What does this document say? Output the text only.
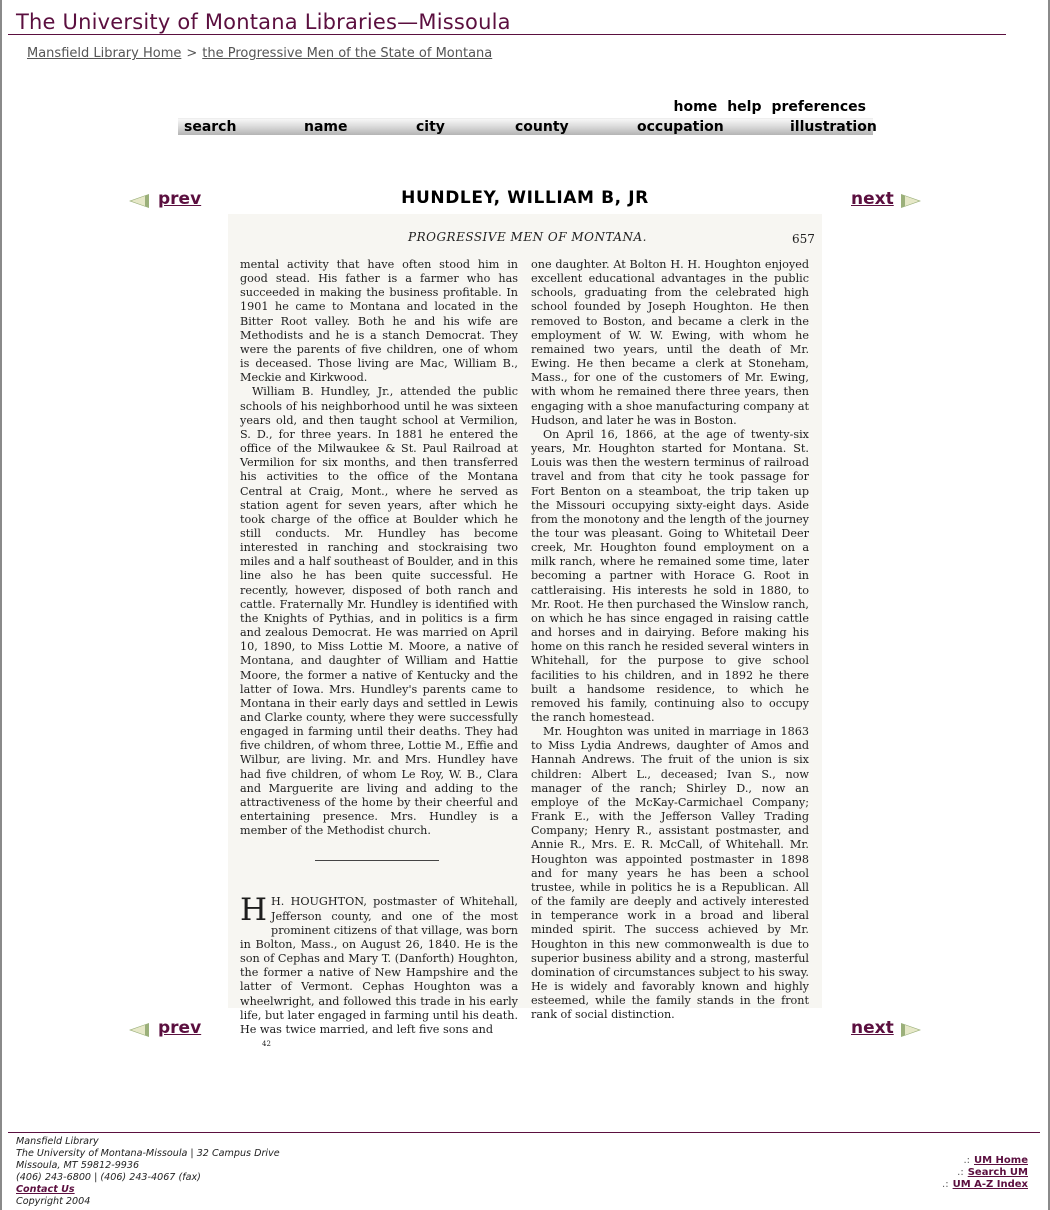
The University of Montana Libraries—Missoula
Mansfield Library Home > the Progressive Men of the State of Montana
home help preferences
search	name	city	county	occupation	illustration
prev	next
HUNDLEY, WILLIAM B, JR
PROGRESSIVE MEN OF MONTANA.	657

mental activity that have often stood him in good stead. His father is a farmer who has succeeded in making the business profitable. In 1901 he came to Montana and located in the Bitter Root valley. Both he and his wife are Methodists and he is a stanch Democrat. They were the parents of five children, one of whom is deceased. Those living are Mac, William B., Meckie and Kirkwood.

William B. Hundley, Jr., attended the public schools of his neighborhood until he was sixteen years old, and then taught school at Vermilion, S. D., for three years. In 1881 he entered the office of the Milwaukee & St. Paul Railroad at Vermilion for six months, and then transferred his activities to the office of the Montana Central at Craig, Mont., where he served as station agent for seven years, after which he took charge of the office at Boulder which he still conducts. Mr. Hundley has become interested in ranching and stockraising two miles and a half southeast of Boulder, and in this line also he has been quite successful. He recently, however, disposed of both ranch and cattle. Fraternally Mr. Hundley is identified with the Knights of Pythias, and in politics is a firm and zealous Democrat. He was married on April 10, 1890, to Miss Lottie M. Moore, a native of Montana, and daughter of William and Hattie Moore, the former a native of Kentucky and the latter of Iowa. Mrs. Hundley's parents came to Montana in their early days and settled in Lewis and Clarke county, where they were successfully engaged in farming until their deaths. They had five children, of whom three, Lottie M., Effie and Wilbur, are living. Mr. and Mrs. Hundley have had five children, of whom Le Roy, W. B., Clara and Marguerite are living and adding to the attractiveness of the home by their cheerful and entertaining presence. Mrs. Hundley is a member of the Methodist church.

H H. HOUGHTON, postmaster of Whitehall, Jefferson county, and one of the most prominent citizens of that village, was born in Bolton, Mass., on August 26, 1840. He is the son of Cephas and Mary T. (Danforth) Houghton, the former a native of New Hampshire and the latter of Vermont. Cephas Houghton was a wheelwright, and followed this trade in his early life, but later engaged in farming until his death. He was twice married, and left five sons and

42

one daughter. At Bolton H. H. Houghton enjoyed excellent educational advantages in the public schools, graduating from the celebrated high school founded by Joseph Houghton. He then removed to Boston, and became a clerk in the employment of W. W. Ewing, with whom he remained two years, until the death of Mr. Ewing. He then became a clerk at Stoneham, Mass., for one of the customers of Mr. Ewing, with whom he remained there three years, then engaging with a shoe manufacturing company at Hudson, and later he was in Boston.

On April 16, 1866, at the age of twenty-six years, Mr. Houghton started for Montana. St. Louis was then the western terminus of railroad travel and from that city he took passage for Fort Benton on a steamboat, the trip taken up the Missouri occupying sixty-eight days. Aside from the monotony and the length of the journey the tour was pleasant. Going to Whitetail Deer creek, Mr. Houghton found employment on a milk ranch, where he remained some time, later becoming a partner with Horace G. Root in cattleraising. His interests he sold in 1880, to Mr. Root. He then purchased the Winslow ranch, on which he has since engaged in raising cattle and horses and in dairying. Before making his home on this ranch he resided several winters in Whitehall, for the purpose to give school facilities to his children, and in 1892 he there built a handsome residence, to which he removed his family, continuing also to occupy the ranch homestead.

Mr. Houghton was united in marriage in 1863 to Miss Lydia Andrews, daughter of Amos and Hannah Andrews. The fruit of the union is six children: Albert L., deceased; Ivan S., now manager of the ranch; Shirley D., now an employe of the McKay-Carmichael Company; Frank E., with the Jefferson Valley Trading Company; Henry R., assistant postmaster, and Annie R., Mrs. E. R. McCall, of Whitehall. Mr. Houghton was appointed postmaster in 1898 and for many years he has been a school trustee, while in politics he is a Republican. All of the family are deeply and actively interested in temperance work in a broad and liberal minded spirit. The success achieved by Mr. Houghton in this new commonwealth is due to superior business ability and a strong, masterful domination of circumstances subject to his sway. He is widely and favorably known and highly esteemed, while the family stands in the front rank of social distinction.

prev	next
Mansfield Library
The University of Montana-Missoula | 32 Campus Drive
Missoula, MT 59812-9936
(406) 243-6800 | (406) 243-4067 (fax)
Contact Us
Copyright 2004
.: UM Home
.: Search UM
.: UM A-Z Index
